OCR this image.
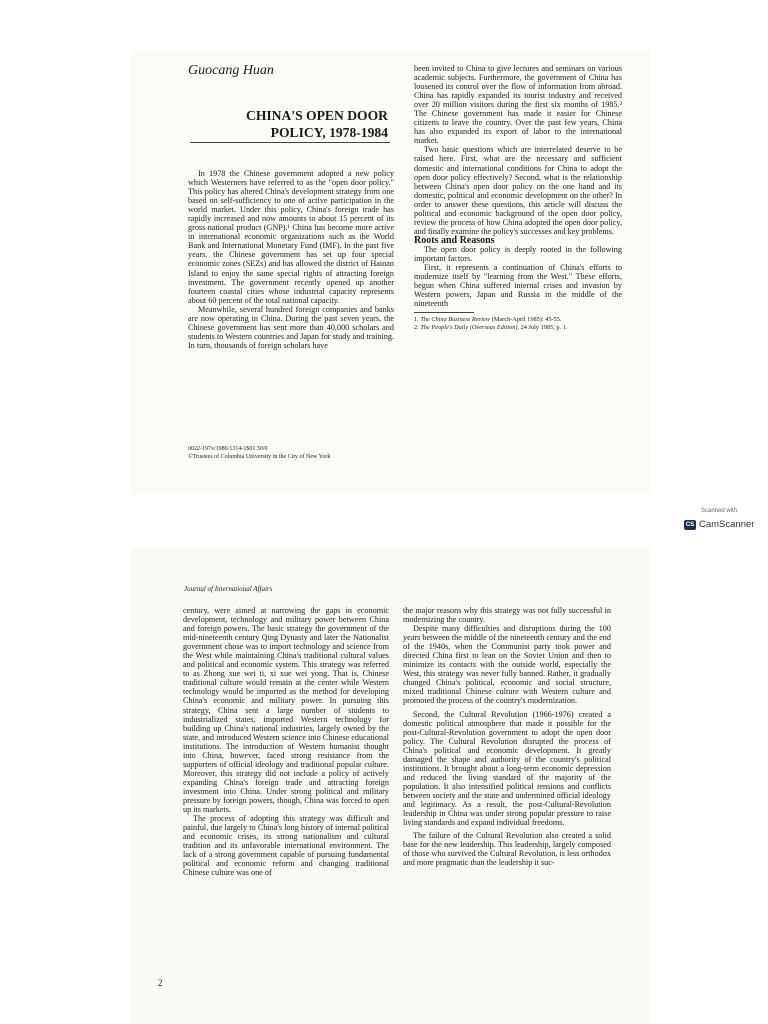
Guocang Huan
CHINA'S OPEN DOOR
POLICY, 1978-1984

In 1978 the Chinese government adopted a new policy which Westerners have referred to as the "open door policy." This policy has altered China's development strategy from one based on self-sufficiency to one of active participation in the world market. Under this policy, China's foreign trade has rapidly increased and now amounts to about 15 percent of its gross national product (GNP).¹ China has become more active in international economic organizations such as the World Bank and International Monetary Fund (IMF). In the past five years, the Chinese government has set up four special economic zones (SEZs) and has allowed the district of Hainan Island to enjoy the same special rights of attracting foreign investment. The government recently opened up another fourteen coastal cities whose industrial capacity represents about 60 percent of the total national capacity.

Meanwhile, several hundred foreign companies and banks are now operating in China. During the past seven years, the Chinese government has sent more than 40,000 scholars and students to Western countries and Japan for study and training. In turn, thousands of foreign scholars have

0022-197x/1986/1314-1$01.50/0
©Trustees of Columbia University in the City of New York

been invited to China to give lectures and seminars on various academic subjects. Furthermore, the government of China has loosened its control over the flow of information from abroad. China has rapidly expanded its tourist industry and received over 20 million visitors during the first six months of 1985.² The Chinese government has made it easier for Chinese citizens to leave the country. Over the past few years, China has also expanded its export of labor to the international market.

Two basic questions which are interrelated deserve to be raised here. First, what are the necessary and sufficient domestic and international conditions for China to adopt the open door policy effectively? Second, what is the relationship between China's open door policy on the one hand and its domestic, political and economic development on the other? In order to answer these questions, this article will discuss the political and economic background of the open door policy, review the process of how China adopted the open door policy, and finally examine the policy's successes and key problems.

Roots and Reasons

The open door policy is deeply rooted in the following important factors.

First, it represents a continuation of China's efforts to modernize itself by "learning from the West." These efforts, begun when China suffered internal crises and invasion by Western powers, Japan and Russia in the middle of the nineteenth

1. The China Business Review (March-April 1985): 45-55.

2. The People's Daily (Overseas Edition), 24 July 1985, p. 1.

Scanned with
CS CamScanner
Journal of International Affairs

century, were aimed at narrowing the gaps in economic development, technology and military power between China and foreign powers. The basic strategy the government of the mid-nineteenth century Qing Dynasty and later the Nationalist government chose was to import technology and science from the West while maintaining China's traditional cultural values and political and economic system. This strategy was referred to as Zhong xue wei ti, xi xue wei yong. That is, Chinese traditional culture would remain at the center while Western technology would be imported as the method for developing China's economic and military power. In pursuing this strategy, China sent a large number of students to industrialized states, imported Western technology for building up China's national industries, largely owned by the state, and introduced Western science into Chinese educational institutions. The introduction of Western humanist thought into China, however, faced strong resistance from the supporters of official ideology and traditional popular culture. Moreover, this strategy did not include a policy of actively expanding China's foreign trade and attracting foreign investment into China. Under strong political and military pressure by foreign powers, though, China was forced to open up its markets.

The process of adopting this strategy was difficult and painful, due largely to China's long history of internal political and economic crises, its strong nationalism and cultural tradition and its unfavorable international environment. The lack of a strong government capable of pursuing fundamental political and economic reform and changing traditional Chinese culture was one of

the major reasons why this strategy was not fully successful in modernizing the country.

Despite many difficulties and disruptions during the 100 years between the middle of the nineteenth century and the end of the 1940s, when the Communist party took power and directed China first to lean on the Soviet Union and then to minimize its contacts with the outside world, especially the West, this strategy was never fully banned. Rather, it gradually changed China's political, economic and social structure, mixed traditional Chinese culture with Western culture and promoted the process of the country's modernization.

Second, the Cultural Revolution (1966-1976) created a domestic political atmosphere that made it possible for the post-Cultural-Revolution government to adopt the open door policy. The Cultural Revolution disrupted the process of China's political and economic development. It greatly damaged the shape and authority of the country's political institutions. It brought about a long-term economic depression and reduced the living standard of the majority of the population. It also intensified political tensions and conflicts between society and the state and undermined official ideology and legitimacy. As a result, the post-Cultural-Revolution leadership in China was under strong popular pressure to raise living standards and expand individual freedoms.

The failure of the Cultural Revolution also created a solid base for the new leadership. This leadership, largely composed of those who survived the Cultural Revolution, is less orthodox and more pragmatic than the leadership it suc-

2
